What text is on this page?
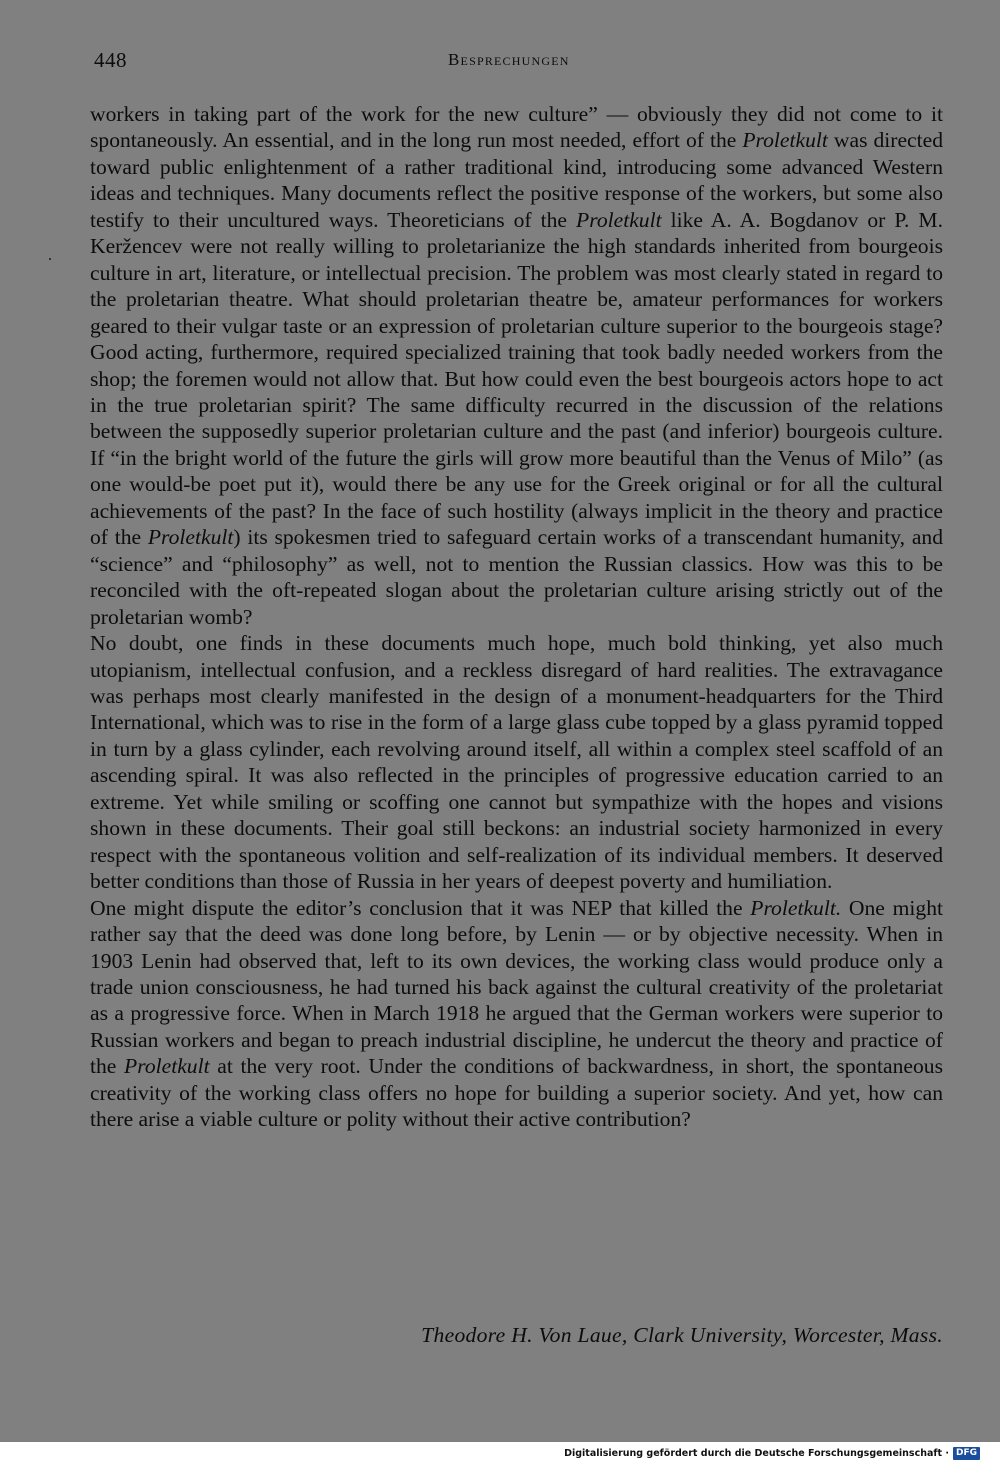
448	Besprechungen

workers in taking part of the work for the new culture” — obviously they did not come to it spontaneously. An essential, and in the long run most needed, effort of the Proletkult was directed toward public enlightenment of a rather traditional kind, introducing some advanced Western ideas and techniques. Many documents reflect the positive response of the workers, but some also testify to their uncultured ways. Theoreticians of the Proletkult like A. A. Bogdanov or P. M. Keržencev were not really willing to proletarianize the high standards inherited from bourgeois culture in art, literature, or intellectual precision. The problem was most clearly stated in regard to the proletarian theatre. What should proletarian theatre be, amateur performances for workers geared to their vulgar taste or an expression of proletarian culture superior to the bourgeois stage? Good acting, furthermore, required specialized training that took badly needed workers from the shop; the foremen would not allow that. But how could even the best bourgeois actors hope to act in the true proletarian spirit? The same difficulty recurred in the discussion of the relations between the supposedly superior proletarian culture and the past (and inferior) bourgeois culture. If “in the bright world of the future the girls will grow more beautiful than the Venus of Milo” (as one would-be poet put it), would there be any use for the Greek original or for all the cultural achievements of the past? In the face of such hostility (always implicit in the theory and practice of the Proletkult) its spokesmen tried to safeguard certain works of a transcendant humanity, and “science” and “philosophy” as well, not to mention the Russian classics. How was this to be reconciled with the oft-repeated slogan about the proletarian culture arising strictly out of the proletarian womb?

No doubt, one finds in these documents much hope, much bold thinking, yet also much utopianism, intellectual confusion, and a reckless disregard of hard realities. The extravagance was perhaps most clearly manifested in the design of a monument-headquarters for the Third International, which was to rise in the form of a large glass cube topped by a glass pyramid topped in turn by a glass cylinder, each revolving around itself, all within a complex steel scaffold of an ascending spiral. It was also reflected in the principles of progressive education carried to an extreme. Yet while smiling or scoffing one cannot but sympathize with the hopes and visions shown in these documents. Their goal still beckons: an industrial society harmonized in every respect with the spontaneous volition and self-realization of its individual members. It deserved better conditions than those of Russia in her years of deepest poverty and humiliation.

One might dispute the editor’s conclusion that it was NEP that killed the Proletkult. One might rather say that the deed was done long before, by Lenin — or by objective necessity. When in 1903 Lenin had observed that, left to its own devices, the working class would produce only a trade union consciousness, he had turned his back against the cultural creativity of the proletariat as a progressive force. When in March 1918 he argued that the German workers were superior to Russian workers and began to preach industrial discipline, he undercut the theory and practice of the Proletkult at the very root. Under the conditions of backwardness, in short, the spontaneous creativity of the working class offers no hope for building a superior society. And yet, how can there arise a viable culture or polity without their active contribution?

Theodore H. Von Laue, Clark University, Worcester, Mass.
Digitalisierung gefördert durch die Deutsche Forschungsgemeinschaft · DFG
